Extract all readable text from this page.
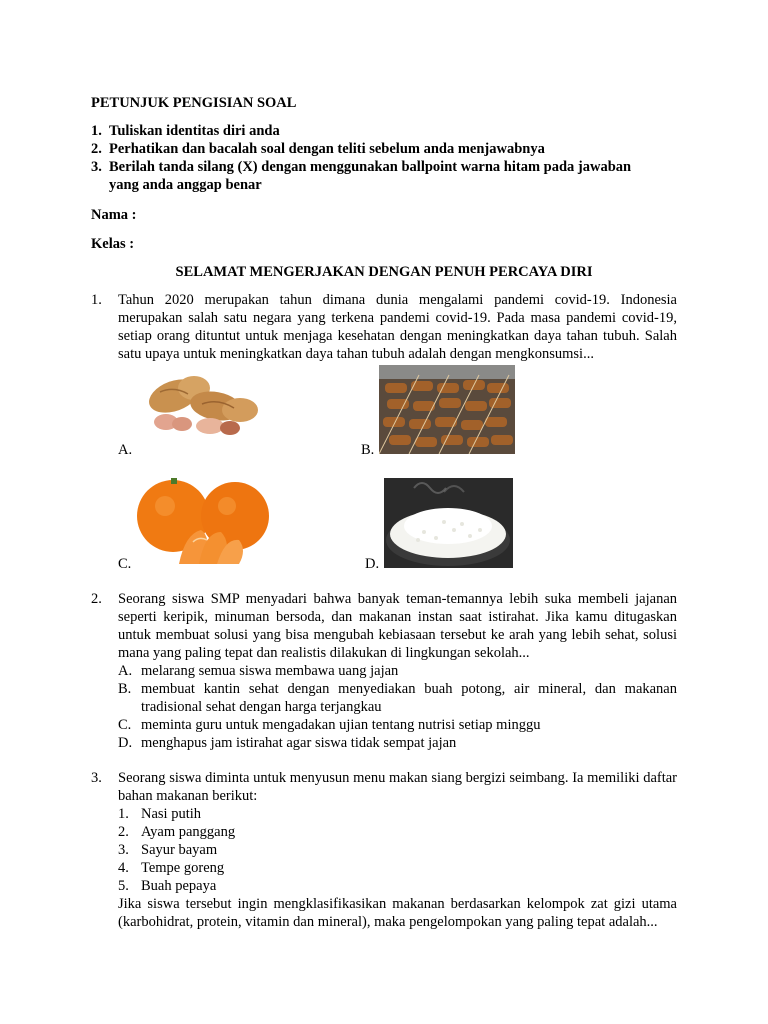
PETUNJUK PENGISIAN SOAL
1. Tuliskan identitas diri anda
2. Perhatikan dan bacalah soal dengan teliti sebelum anda menjawabnya
3. Berilah tanda silang (X) dengan menggunakan ballpoint warna hitam pada jawaban yang anda anggap benar
Nama :
Kelas :
SELAMAT MENGERJAKAN DENGAN PENUH PERCAYA DIRI
1.	Tahun 2020 merupakan tahun dimana dunia mengalami pandemi covid-19. Indonesia merupakan salah satu negara yang terkena pandemi covid-19. Pada masa pandemi covid-19, setiap orang dituntut untuk menjaga kesehatan dengan meningkatkan daya tahan tubuh. Salah satu upaya untuk meningkatkan daya tahan tubuh adalah dengan mengkonsumsi...
A.	B.
C.	D.
2.	Seorang siswa SMP menyadari bahwa banyak teman-temannya lebih suka membeli jajanan seperti keripik, minuman bersoda, dan makanan instan saat istirahat. Jika kamu ditugaskan untuk membuat solusi yang bisa mengubah kebiasaan tersebut ke arah yang lebih sehat, solusi mana yang paling tepat dan realistis dilakukan di lingkungan sekolah...
A. melarang semua siswa membawa uang jajan
B. membuat kantin sehat dengan menyediakan buah potong, air mineral, dan makanan tradisional sehat dengan harga terjangkau
C. meminta guru untuk mengadakan ujian tentang nutrisi setiap minggu
D. menghapus jam istirahat agar siswa tidak sempat jajan
3.	Seorang siswa diminta untuk menyusun menu makan siang bergizi seimbang. Ia memiliki daftar bahan makanan berikut:
1. Nasi putih
2. Ayam panggang
3. Sayur bayam
4. Tempe goreng
5. Buah pepaya
Jika siswa tersebut ingin mengklasifikasikan makanan berdasarkan kelompok zat gizi utama (karbohidrat, protein, vitamin dan mineral), maka pengelompokan yang paling tepat adalah...
